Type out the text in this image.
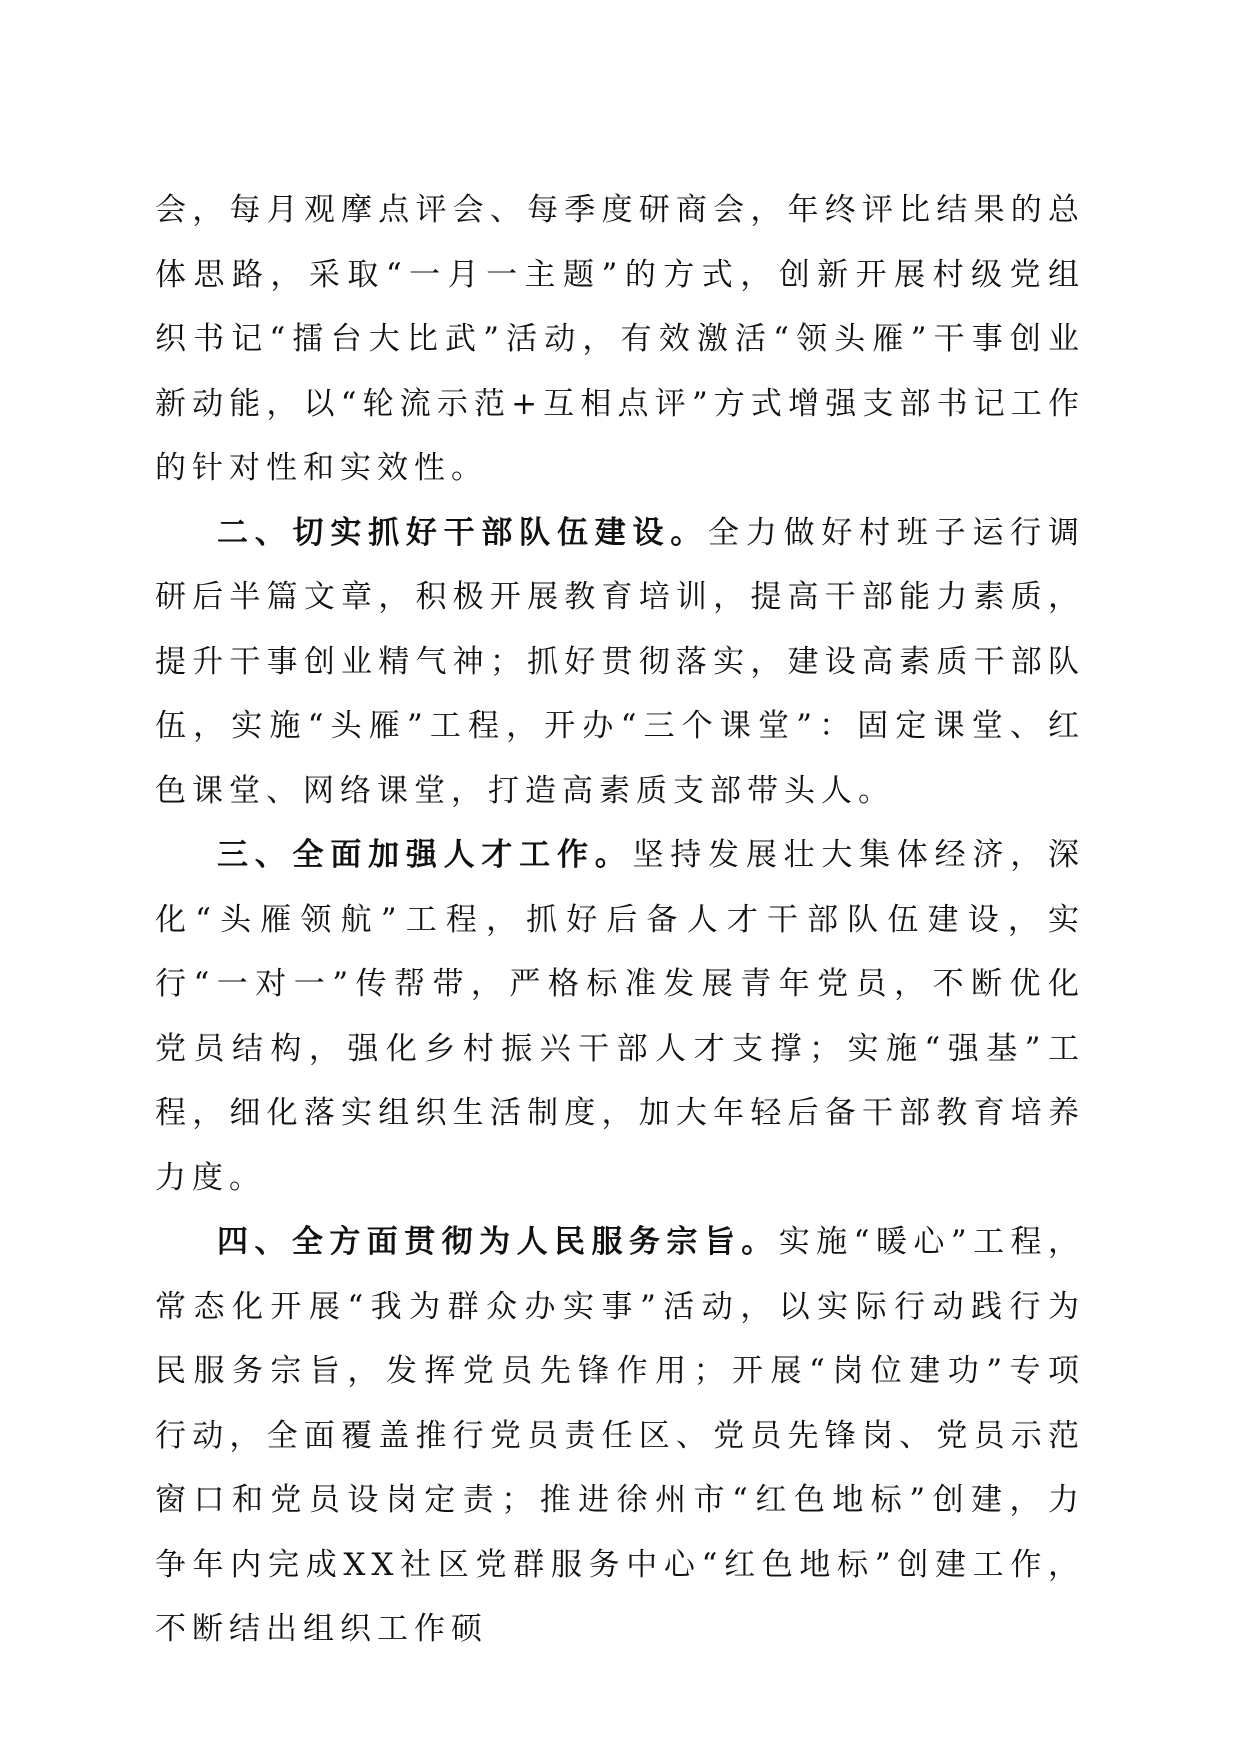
会，每月观摩点评会、每季度研商会，年终评比结果的总体思路，采取“一月一主题”的方式，创新开展村级党组织书记“擂台大比武”活动，有效激活“领头雁”干事创业新动能，以“轮流示范+互相点评”方式增强支部书记工作的针对性和实效性。

二、切实抓好干部队伍建设。全力做好村班子运行调研后半篇文章，积极开展教育培训，提高干部能力素质，提升干事创业精气神；抓好贯彻落实，建设高素质干部队伍，实施“头雁”工程，开办“三个课堂”：固定课堂、红色课堂、网络课堂，打造高素质支部带头人。

三、全面加强人才工作。坚持发展壮大集体经济，深化“头雁领航”工程，抓好后备人才干部队伍建设，实行“一对一”传帮带，严格标准发展青年党员，不断优化党员结构，强化乡村振兴干部人才支撑；实施“强基”工程，细化落实组织生活制度，加大年轻后备干部教育培养力度。

四、全方面贯彻为人民服务宗旨。实施“暖心”工程，常态化开展“我为群众办实事”活动，以实际行动践行为民服务宗旨，发挥党员先锋作用；开展“岗位建功”专项行动，全面覆盖推行党员责任区、党员先锋岗、党员示范窗口和党员设岗定责；推进徐州市“红色地标”创建，力争年内完成XX社区党群服务中心“红色地标”创建工作，不断结出组织工作硕
